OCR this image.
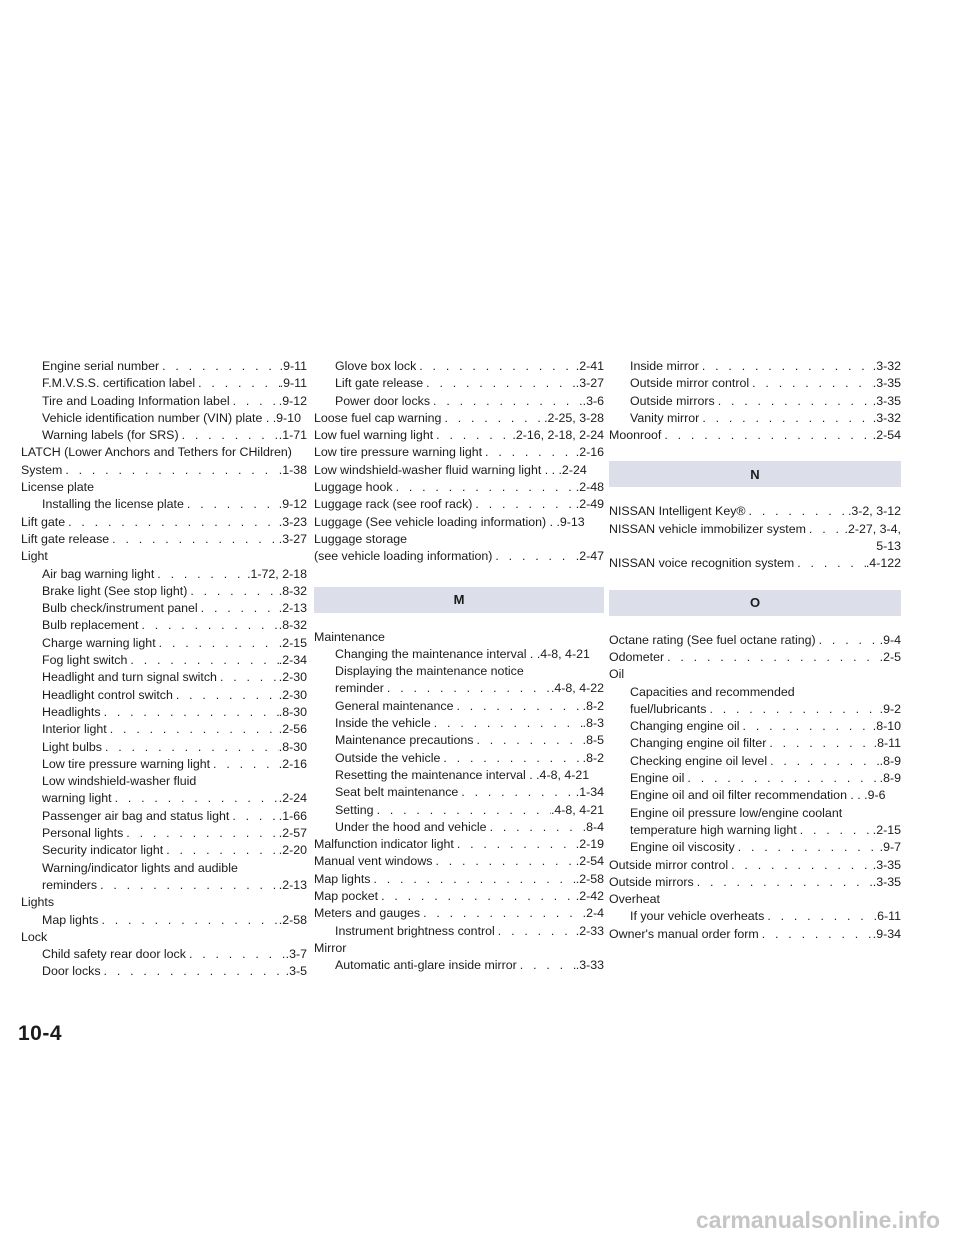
Engine serial number . . .	.9-11
F.M.V.S.S. certification label . . .	.9-11
Tire and Loading Information label . . .	.9-12
Vehicle identification number (VIN) plate . .9-10
Warning labels (for SRS) . . .	.1-71
LATCH (Lower Anchors and Tethers for CHildren)
System . . .	.1-38
License plate
Installing the license plate . . .	.9-12
Lift gate . . .	.3-23
Lift gate release . . .	.3-27
Light
Air bag warning light . . .	.1-72, 2-18
Brake light (See stop light) . . .	.8-32
Bulb check/instrument panel . . .	.2-13
Bulb replacement . . .	.8-32
Charge warning light . . .	.2-15
Fog light switch . . .	.2-34
Headlight and turn signal switch . . .	.2-30
Headlight control switch . . .	.2-30
Headlights . . .	.8-30
Interior light . . .	.2-56
Light bulbs . . .	.8-30
Low tire pressure warning light . . .	.2-16
Low windshield-washer fluid
warning light . . .	.2-24
Passenger air bag and status light . . .	.1-66
Personal lights . . .	.2-57
Security indicator light . . .	.2-20
Warning/indicator lights and audible
reminders . . .	.2-13
Lights
Map lights . . .	.2-58
Lock
Child safety rear door lock . . .	.3-7
Door locks . . .	.3-5
Glove box lock . . .	.2-41
Lift gate release . . .	.3-27
Power door locks . . .	.3-6
Loose fuel cap warning . . .	.2-25, 3-28
Low fuel warning light . . .	.2-16, 2-18, 2-24
Low tire pressure warning light . . .	.2-16
Low windshield-washer fluid warning light . . .2-24
Luggage hook . . .	.2-48
Luggage rack (see roof rack) . . .	.2-49
Luggage (See vehicle loading information) . .9-13
Luggage storage
(see vehicle loading information) . . .	.2-47
M
Maintenance
Changing the maintenance interval . .4-8, 4-21
Displaying the maintenance notice
reminder . . .	.4-8, 4-22
General maintenance . . .	.8-2
Inside the vehicle . . .	.8-3
Maintenance precautions . . .	.8-5
Outside the vehicle . . .	.8-2
Resetting the maintenance interval . .4-8, 4-21
Seat belt maintenance . . .	.1-34
Setting . . .	.4-8, 4-21
Under the hood and vehicle . . .	.8-4
Malfunction indicator light . . .	.2-19
Manual vent windows . . .	.2-54
Map lights . . .	.2-58
Map pocket . . .	.2-42
Meters and gauges . . .	.2-4
Instrument brightness control . . .	.2-33
Mirror
Automatic anti-glare inside mirror . . .	.3-33
Inside mirror . . .	.3-32
Outside mirror control . . .	.3-35
Outside mirrors . . .	.3-35
Vanity mirror . . .	.3-32
Moonroof . . .	.2-54
N
NISSAN Intelligent Key® . . .	.3-2, 3-12
NISSAN vehicle immobilizer system . . .	.2-27, 3-4,
5-13
NISSAN voice recognition system . . .	.4-122
O
Octane rating (See fuel octane rating) . . .	.9-4
Odometer . . .	.2-5
Oil
Capacities and recommended
fuel/lubricants . . .	.9-2
Changing engine oil . . .	.8-10
Changing engine oil filter . . .	.8-11
Checking engine oil level . . .	.8-9
Engine oil . . .	.8-9
Engine oil and oil filter recommendation . . .9-6
Engine oil pressure low/engine coolant
temperature high warning light . . .	.2-15
Engine oil viscosity . . .	.9-7
Outside mirror control . . .	.3-35
Outside mirrors . . .	.3-35
Overheat
If your vehicle overheats . . .	.6-11
Owner's manual order form . . .	.9-34
10-4
carmanualsonline.info
